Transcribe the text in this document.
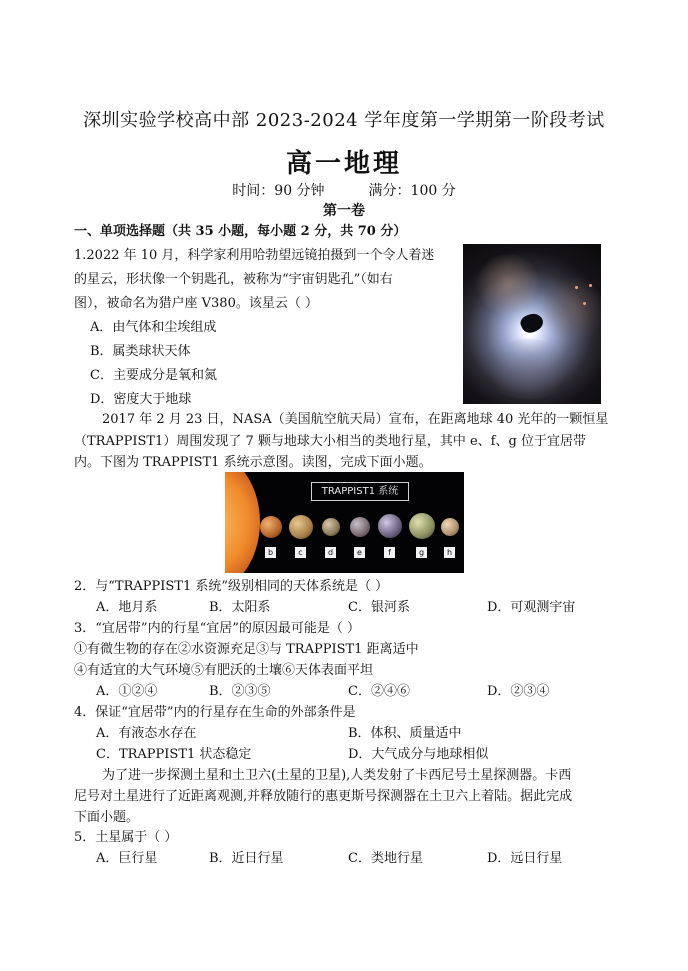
深圳实验学校高中部 2023-2024 学年度第一学期第一阶段考试
高一地理
时间：90 分钟	满分：100 分
第一卷
一、单项选择题（共 35 小题，每小题 2 分，共 70 分）
1.2022 年 10 月，科学家利用哈勃望远镜拍摄到一个令人着迷
的星云，形状像一个钥匙孔，被称为“宇宙钥匙孔”（如右
图），被命名为猎户座 V380。该星云（ ）
A．由气体和尘埃组成
B．属类球状天体
C．主要成分是氧和氮
D．密度大于地球
2017 年 2 月 23 日，NASA（美国航空航天局）宣布，在距离地球 40 光年的一颗恒星
（TRAPPIST1）周围发现了 7 颗与地球大小相当的类地行星，其中 e、f、g 位于宜居带
内。下图为 TRAPPIST1 系统示意图。读图，完成下面小题。
TRAPPIST1 系统
b	c	d	e	f	g	h
2．与“TRAPPIST1 系统”级别相同的天体系统是（ ）
A．地月系	B．太阳系	C．银河系	D．可观测宇宙
3．“宜居带”内的行星“宜居”的原因最可能是（ ）
①有微生物的存在②水资源充足③与 TRAPPIST1 距离适中
④有适宜的大气环境⑤有肥沃的土壤⑥天体表面平坦
A．①②④	B．②③⑤	C．②④⑥	D．②③④
4．保证“宜居带”内的行星存在生命的外部条件是
A．有液态水存在	B．体积、质量适中
C．TRAPPIST1 状态稳定	D．大气成分与地球相似
为了进一步探测土星和土卫六(土星的卫星),人类发射了卡西尼号土星探测器。卡西
尼号对土星进行了近距离观测,并释放随行的惠更斯号探测器在土卫六上着陆。据此完成
下面小题。
5．土星属于（ ）
A．巨行星	B．近日行星	C．类地行星	D．远日行星
